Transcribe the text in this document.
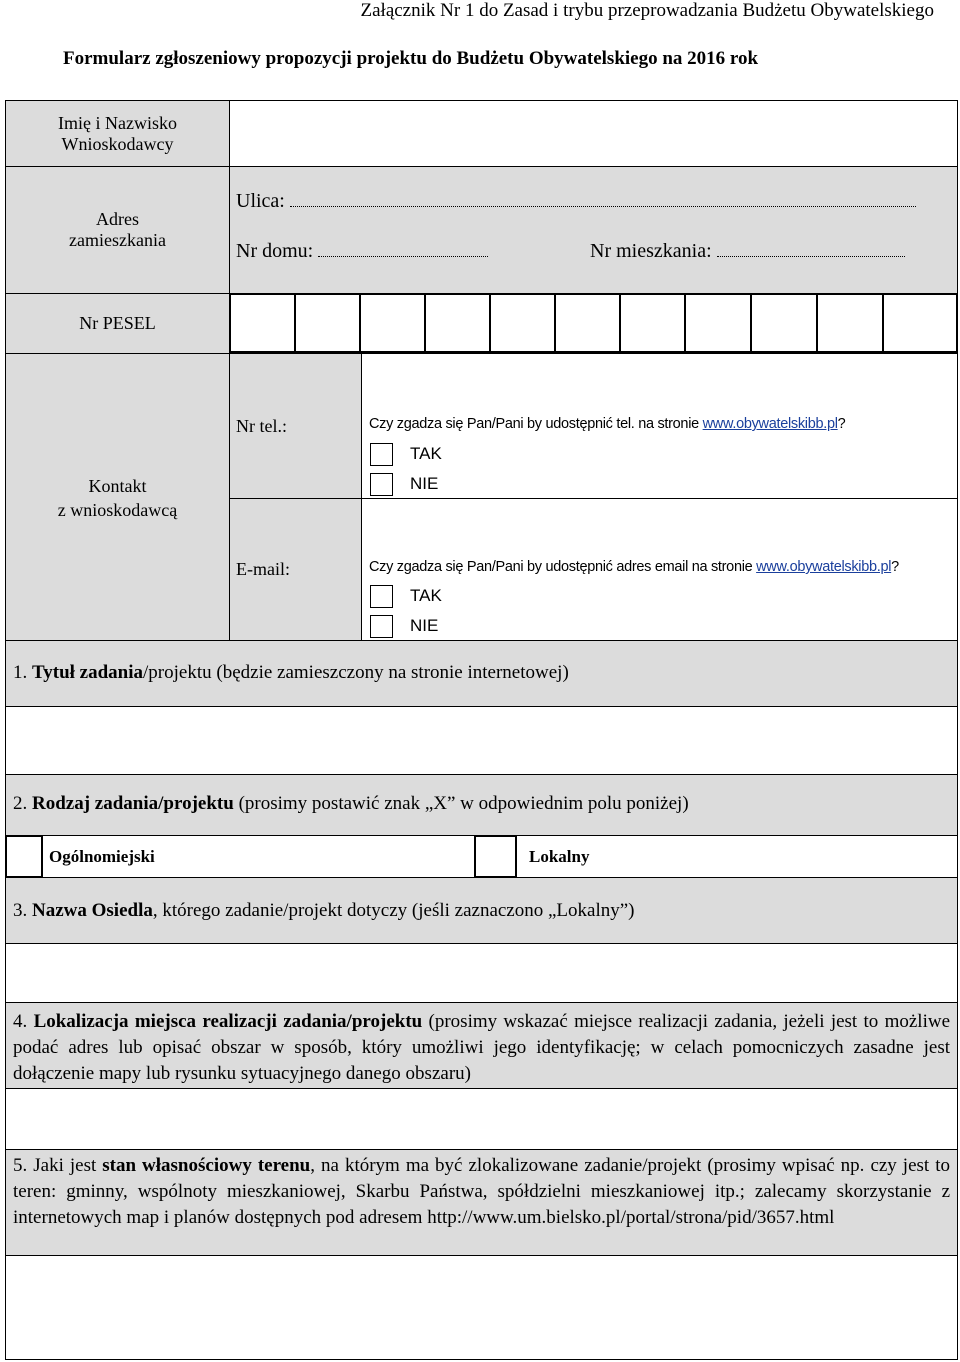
Załącznik Nr 1 do Zasad i trybu przeprowadzania Budżetu Obywatelskiego
Formularz zgłoszeniowy propozycji projektu do Budżetu Obywatelskiego na 2016 rok
Imię i Nazwisko Wnioskodawcy
Adres zamieszkania
Ulica:
Nr domu:	Nr mieszkania:
Nr PESEL
Kontakt
z wnioskodawcą
Nr tel.:	Czy zgadza się Pan/Pani by udostępnić tel. na stronie www.obywatelskibb.pl?
TAK
NIE
E-mail:	Czy zgadza się Pan/Pani by udostępnić adres email na stronie www.obywatelskibb.pl?
TAK
NIE
1. Tytuł zadania/projektu (będzie zamieszczony na stronie internetowej)
2. Rodzaj zadania/projektu (prosimy postawić znak „X” w odpowiednim polu poniżej)
Ogólnomiejski	Lokalny
3. Nazwa Osiedla, którego zadanie/projekt dotyczy (jeśli zaznaczono „Lokalny”)
4. Lokalizacja miejsca realizacji zadania/projektu (prosimy wskazać miejsce realizacji zadania, jeżeli jest to możliwe podać adres lub opisać obszar w sposób, który umożliwi jego identyfikację; w celach pomocniczych zasadne jest dołączenie mapy lub rysunku sytuacyjnego danego obszaru)
5. Jaki jest stan własnościowy terenu, na którym ma być zlokalizowane zadanie/projekt (prosimy wpisać np. czy jest to teren: gminny, wspólnoty mieszkaniowej, Skarbu Państwa, spółdzielni mieszkaniowej itp.; zalecamy skorzystanie z internetowych map i planów dostępnych pod adresem http://www.um.bielsko.pl/portal/strona/pid/3657.html
